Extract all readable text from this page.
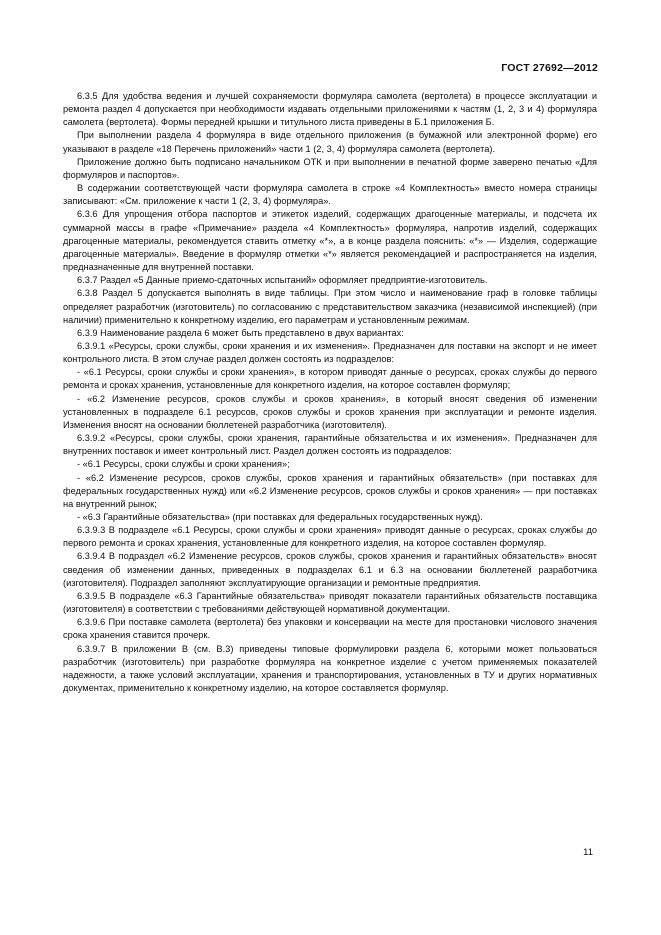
ГОСТ 27692—2012

6.3.5 Для удобства ведения и лучшей сохраняемости формуляра самолета (вертолета) в процессе эксплуатации и ремонта раздел 4 допускается при необходимости издавать отдельными приложениями к частям (1, 2, 3 и 4) формуляра самолета (вертолета). Формы передней крышки и титульного листа приведены в Б.1 приложения Б.

При выполнении раздела 4 формуляра в виде отдельного приложения (в бумажной или электронной форме) его указывают в разделе «18 Перечень приложений» части 1 (2, 3, 4) формуляра самолета (вертолета).

Приложение должно быть подписано начальником ОТК и при выполнении в печатной форме заверено печатью «Для формуляров и паспортов».

В содержании соответствующей части формуляра самолета в строке «4 Комплектность» вместо номера страницы записывают: «См. приложение к части 1 (2, 3, 4) формуляра».

6.3.6 Для упрощения отбора паспортов и этикеток изделий, содержащих драгоценные материалы, и подсчета их суммарной массы в графе «Примечание» раздела «4 Комплектность» формуляра, напротив изделий, содержащих драгоценные материалы, рекомендуется ставить отметку «*», а в конце раздела пояснить: «*» — Изделия, содержащие драгоценные материалы». Введение в формуляр отметки «*» является рекомендацией и распространяется на изделия, предназначенные для внутренней поставки.

6.3.7 Раздел «5 Данные приемо-сдаточных испытаний» оформляет предприятие-изготовитель.

6.3.8 Раздел 5 допускается выполнять в виде таблицы. При этом число и наименование граф в головке таблицы определяет разработчик (изготовитель) по согласованию с представительством заказчика (независимой инспекцией) (при наличии) применительно к конкретному изделию, его параметрам и установленным режимам.

6.3.9 Наименование раздела 6 может быть представлено в двух вариантах:

6.3.9.1 «Ресурсы, сроки службы, сроки хранения и их изменения». Предназначен для поставки на экспорт и не имеет контрольного листа. В этом случае раздел должен состоять из подразделов:

- «6.1 Ресурсы, сроки службы и сроки хранения», в котором приводят данные о ресурсах, сроках службы до первого ремонта и сроках хранения, установленные для конкретного изделия, на которое составлен формуляр;

- «6.2 Изменение ресурсов, сроков службы и сроков хранения», в который вносят сведения об изменении установленных в подразделе 6.1 ресурсов, сроков службы и сроков хранения при эксплуатации и ремонте изделия. Изменения вносят на основании бюллетеней разработчика (изготовителя).

6.3.9.2 «Ресурсы, сроки службы, сроки хранения, гарантийные обязательства и их изменения». Предназначен для внутренних поставок и имеет контрольный лист. Раздел должен состоять из подразделов:

- «6.1 Ресурсы, сроки службы и сроки хранения»;

- «6.2 Изменение ресурсов, сроков службы, сроков хранения и гарантийных обязательств» (при поставках для федеральных государственных нужд) или «6.2 Изменение ресурсов, сроков службы и сроков хранения» — при поставках на внутренний рынок;

- «6.3 Гарантийные обязательства» (при поставках для федеральных государственных нужд).

6.3.9.3 В подразделе «6.1 Ресурсы, сроки службы и сроки хранения» приводят данные о ресурсах, сроках службы до первого ремонта и сроках хранения, установленные для конкретного изделия, на которое составлен формуляр.

6.3.9.4 В подраздел «6.2 Изменение ресурсов, сроков службы, сроков хранения и гарантийных обязательств» вносят сведения об изменении данных, приведенных в подразделах 6.1 и 6.3 на основании бюллетеней разработчика (изготовителя). Подраздел заполняют эксплуатирующие организации и ремонтные предприятия.

6.3.9.5 В подразделе «6.3 Гарантийные обязательства» приводят показатели гарантийных обязательств поставщика (изготовителя) в соответствии с требованиями действующей нормативной документации.

6.3.9.6 При поставке самолета (вертолета) без упаковки и консервации на месте для простановки числового значения срока хранения ставится прочерк.

6.3.9.7 В приложении В (см. В.3) приведены типовые формулировки раздела 6, которыми может пользоваться разработчик (изготовитель) при разработке формуляра на конкретное изделие с учетом применяемых показателей надежности, а также условий эксплуатации, хранения и транспортирования, установленных в ТУ и других нормативных документах, применительно к конкретному изделию, на которое составляется формуляр.

11
